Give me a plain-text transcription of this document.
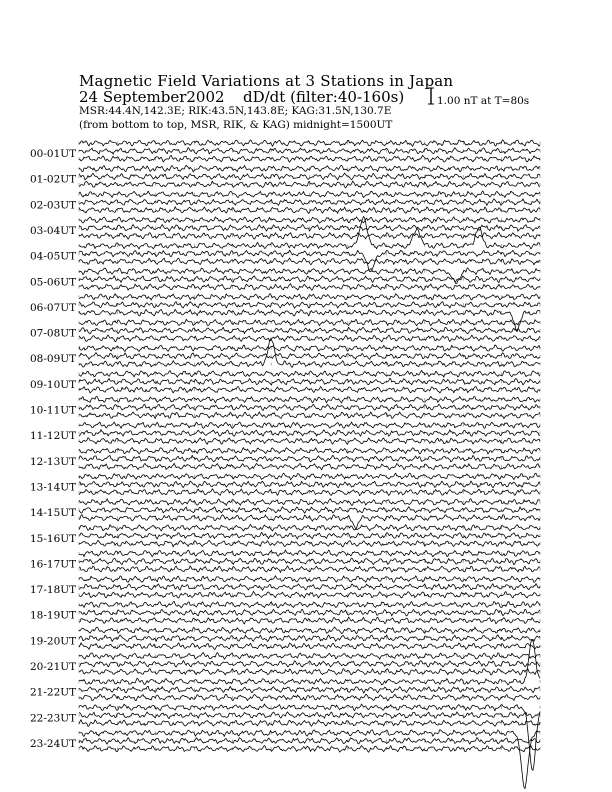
Magnetic Field Variations at 3 Stations in Japan
24 September2002 dD/dt (filter:40-160s)
MSR:44.4N,142.3E; RIK:43.5N,143.8E; KAG:31.5N,130.7E
(from bottom to top, MSR, RIK, & KAG) midnight=1500UT
1.00 nT at T=80s
00-01UT
01-02UT
02-03UT
03-04UT
04-05UT
05-06UT
06-07UT
07-08UT
08-09UT
09-10UT
10-11UT
11-12UT
12-13UT
13-14UT
14-15UT
15-16UT
16-17UT
17-18UT
18-19UT
19-20UT
20-21UT
21-22UT
22-23UT
23-24UT
